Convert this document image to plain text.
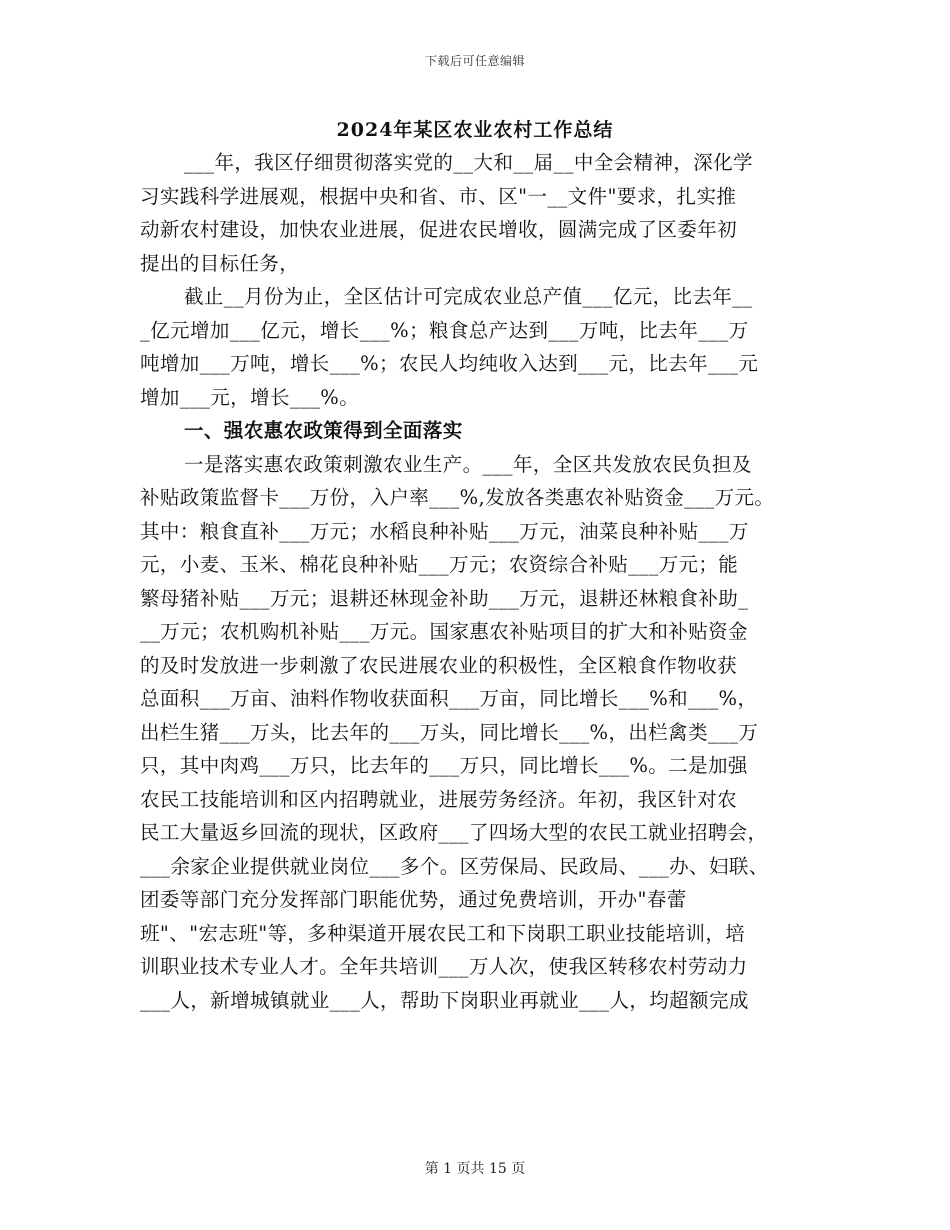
下载后可任意编辑
2024年某区农业农村工作总结
___年，我区仔细贯彻落实党的__大和__届__中全会精神，深化学
习实践科学进展观，根据中央和省、市、区"一__文件"要求，扎实推
动新农村建设，加快农业进展，促进农民增收，圆满完成了区委年初
提出的目标任务，
截止__月份为止，全区估计可完成农业总产值___亿元，比去年__
_亿元增加___亿元，增长___%；粮食总产达到___万吨，比去年___万
吨增加___万吨，增长___%；农民人均纯收入达到___元，比去年___元
增加___元，增长___%。
一、强农惠农政策得到全面落实
一是落实惠农政策刺激农业生产。___年，全区共发放农民负担及
补贴政策监督卡___万份，入户率___%,发放各类惠农补贴资金___万元。
其中：粮食直补___万元；水稻良种补贴___万元，油菜良种补贴___万
元，小麦、玉米、棉花良种补贴___万元；农资综合补贴___万元；能
繁母猪补贴___万元；退耕还林现金补助___万元，退耕还林粮食补助_
__万元；农机购机补贴___万元。国家惠农补贴项目的扩大和补贴资金
的及时发放进一步刺激了农民进展农业的积极性，全区粮食作物收获
总面积___万亩、油料作物收获面积___万亩，同比增长___%和___%，
出栏生猪___万头，比去年的___万头，同比增长___%，出栏禽类___万
只，其中肉鸡___万只，比去年的___万只，同比增长___%。二是加强
农民工技能培训和区内招聘就业，进展劳务经济。年初，我区针对农
民工大量返乡回流的现状，区政府___了四场大型的农民工就业招聘会，
___余家企业提供就业岗位___多个。区劳保局、民政局、___办、妇联、
团委等部门充分发挥部门职能优势，通过免费培训，开办"春蕾
班"、"宏志班"等，多种渠道开展农民工和下岗职工职业技能培训，培
训职业技术专业人才。全年共培训___万人次，使我区转移农村劳动力
___人，新增城镇就业___人，帮助下岗职业再就业___人，均超额完成
第 1 页共 15 页
